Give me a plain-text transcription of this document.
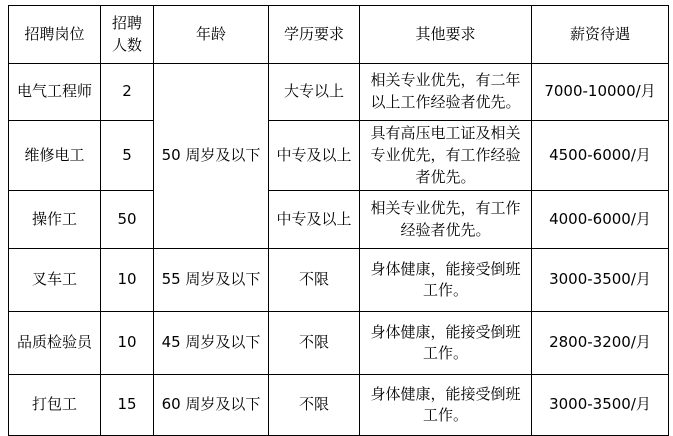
招聘岗位	招聘人数	年龄	学历要求	其他要求	薪资待遇
电气工程师	2	50 周岁及以下	大专以上	相关专业优先，有二年以上工作经验者优先。	7000-10000/月
维修电工	5		中专及以上	具有高压电工证及相关专业优先，有工作经验者优先。	4500-6000/月
操作工	50		中专及以上	相关专业优先，有工作经验者优先。	4000-6000/月
叉车工	10	55 周岁及以下	不限	身体健康，能接受倒班工作。	3000-3500/月
品质检验员	10	45 周岁及以下	不限	身体健康，能接受倒班工作。	2800-3200/月
打包工	15	60 周岁及以下	不限	身体健康，能接受倒班工作。	3000-3500/月
